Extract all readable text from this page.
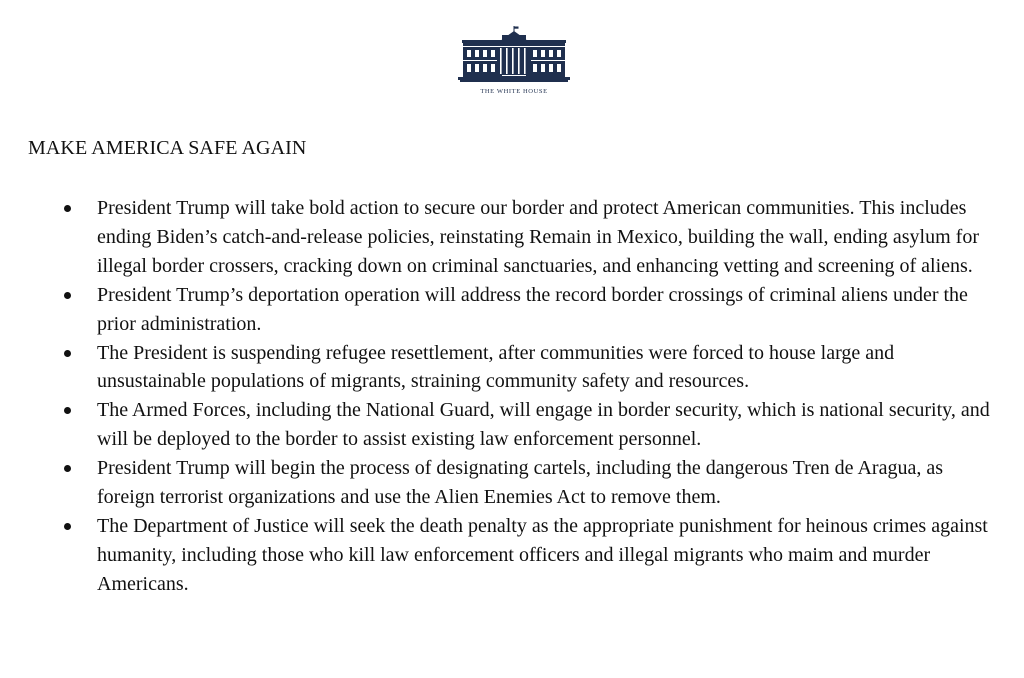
THE WHITE HOUSE
MAKE AMERICA SAFE AGAIN
President Trump will take bold action to secure our border and protect American communities. This includes ending Biden’s catch-and-release policies, reinstating Remain in Mexico, building the wall, ending asylum for illegal border crossers, cracking down on criminal sanctuaries, and enhancing vetting and screening of aliens.
President Trump’s deportation operation will address the record border crossings of criminal aliens under the prior administration.
The President is suspending refugee resettlement, after communities were forced to house large and unsustainable populations of migrants, straining community safety and resources.
The Armed Forces, including the National Guard, will engage in border security, which is national security, and will be deployed to the border to assist existing law enforcement personnel.
President Trump will begin the process of designating cartels, including the dangerous Tren de Aragua, as foreign terrorist organizations and use the Alien Enemies Act to remove them.
The Department of Justice will seek the death penalty as the appropriate punishment for heinous crimes against humanity, including those who kill law enforcement officers and illegal migrants who maim and murder Americans.
